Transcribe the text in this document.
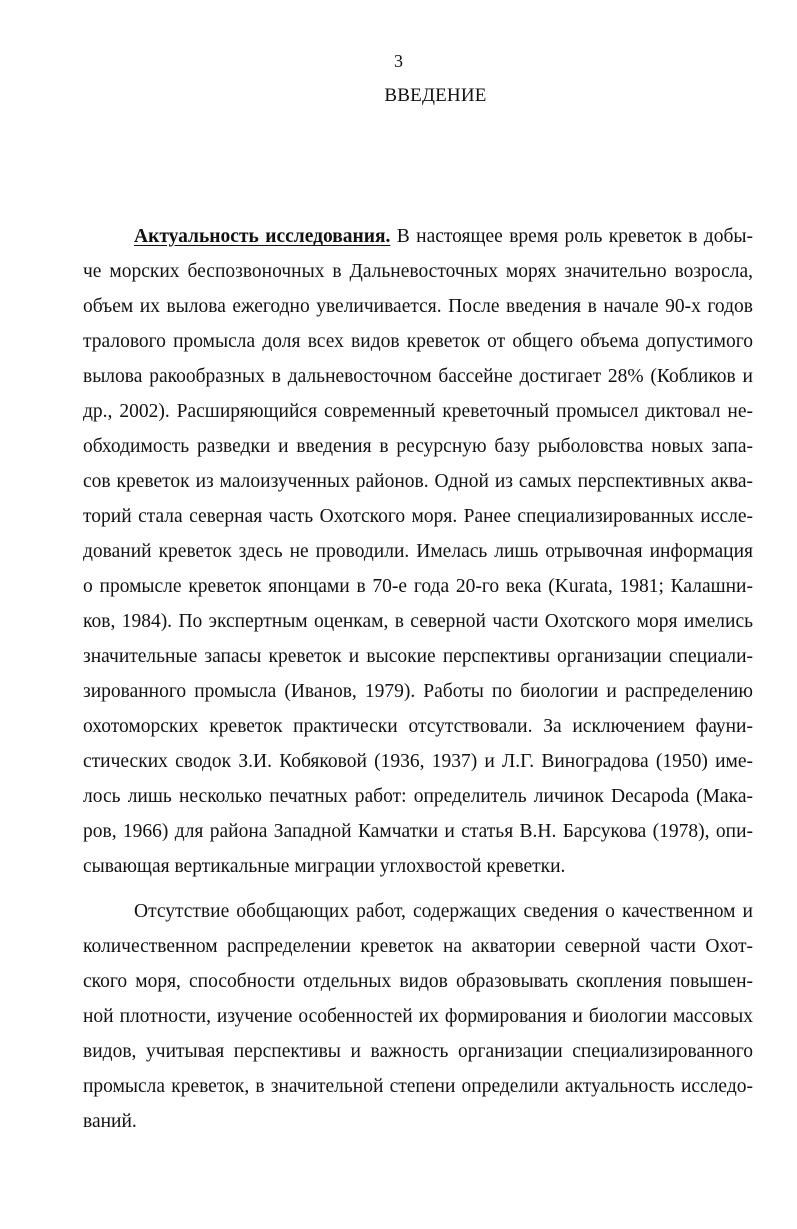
3
ВВЕДЕНИЕ
Актуальность исследования. В настоящее время роль креветок в добы-
че морских беспозвоночных в Дальневосточных морях значительно возросла,
объем их вылова ежегодно увеличивается. После введения в начале 90-х годов
тралового промысла доля всех видов креветок от общего объема допустимого
вылова ракообразных в дальневосточном бассейне достигает 28% (Кобликов и
др., 2002). Расширяющийся современный креветочный промысел диктовал не-
обходимость разведки и введения в ресурсную базу рыболовства новых запа-
сов креветок из малоизученных районов. Одной из самых перспективных аква-
торий стала северная часть Охотского моря. Ранее специализированных иссле-
дований креветок здесь не проводили. Имелась лишь отрывочная информация
о промысле креветок японцами в 70-е года 20-го века (Kurata, 1981; Калашни-
ков, 1984). По экспертным оценкам, в северной части Охотского моря имелись
значительные запасы креветок и высокие перспективы организации специали-
зированного промысла (Иванов, 1979). Работы по биологии и распределению
охотоморских креветок практически отсутствовали. За исключением фауни-
стических сводок З.И. Кобяковой (1936, 1937) и Л.Г. Виноградова (1950) име-
лось лишь несколько печатных работ: определитель личинок Decapoda (Мака-
ров, 1966) для района Западной Камчатки и статья В.Н. Барсукова (1978), опи-
сывающая вертикальные миграции углохвостой креветки.
Отсутствие обобщающих работ, содержащих сведения о качественном и
количественном распределении креветок на акватории северной части Охот-
ского моря, способности отдельных видов образовывать скопления повышен-
ной плотности, изучение особенностей их формирования и биологии массовых
видов, учитывая перспективы и важность организации специализированного
промысла креветок, в значительной степени определили актуальность исследо-
ваний.
